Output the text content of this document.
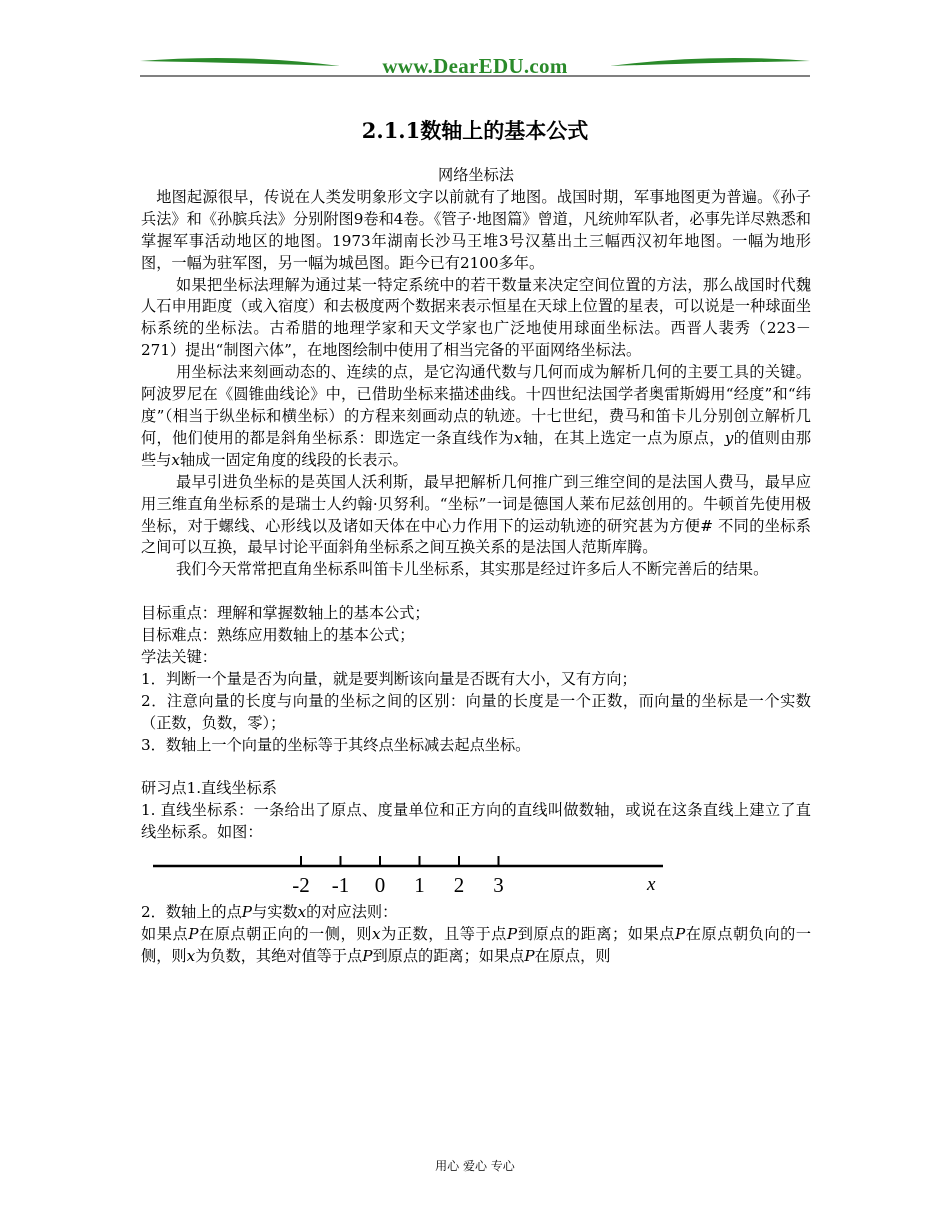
www.DearEDU.com
2.1.1数轴上的基本公式

网络坐标法

地图起源很早，传说在人类发明象形文字以前就有了地图。战国时期，军事地图更为普遍。《孙子兵法》和《孙膑兵法》分别附图9卷和4卷。《管子·地图篇》曾道，凡统帅军队者，必事先详尽熟悉和掌握军事活动地区的地图。1973年湖南长沙马王堆3号汉墓出土三幅西汉初年地图。一幅为地形图，一幅为驻军图，另一幅为城邑图。距今已有2100多年。

如果把坐标法理解为通过某一特定系统中的若干数量来决定空间位置的方法，那么战国时代魏人石申用距度（或入宿度）和去极度两个数据来表示恒星在天球上位置的星表，可以说是一种球面坐标系统的坐标法。古希腊的地理学家和天文学家也广泛地使用球面坐标法。西晋人裴秀（223－271）提出“制图六体”，在地图绘制中使用了相当完备的平面网络坐标法。

用坐标法来刻画动态的、连续的点，是它沟通代数与几何而成为解析几何的主要工具的关键。阿波罗尼在《圆锥曲线论》中，已借助坐标来描述曲线。十四世纪法国学者奥雷斯姆用“经度”和“纬度”（相当于纵坐标和横坐标）的方程来刻画动点的轨迹。十七世纪，费马和笛卡儿分别创立解析几何，他们使用的都是斜角坐标系：即选定一条直线作为x轴，在其上选定一点为原点，y的值则由那些与x轴成一固定角度的线段的长表示。

最早引进负坐标的是英国人沃利斯，最早把解析几何推广到三维空间的是法国人费马，最早应用三维直角坐标系的是瑞士人约翰·贝努利。“坐标”一词是德国人莱布尼兹创用的。牛顿首先使用极坐标，对于螺线、心形线以及诸如天体在中心力作用下的运动轨迹的研究甚为方便# 不同的坐标系之间可以互换，最早讨论平面斜角坐标系之间互换关系的是法国人范斯库腾。

我们今天常常把直角坐标系叫笛卡儿坐标系，其实那是经过许多后人不断完善后的结果。

目标重点：理解和掌握数轴上的基本公式；

目标难点：熟练应用数轴上的基本公式；

学法关键：

1．判断一个量是否为向量，就是要判断该向量是否既有大小，又有方向；

2．注意向量的长度与向量的坐标之间的区别：向量的长度是一个正数，而向量的坐标是一个实数（正数，负数，零）；

3．数轴上一个向量的坐标等于其终点坐标减去起点坐标。

研习点1.直线坐标系

1. 直线坐标系：一条给出了原点、度量单位和正方向的直线叫做数轴，或说在这条直线上建立了直线坐标系。如图：

-2 -1 0 1 2 3	x

2．数轴上的点P与实数x的对应法则：

如果点P在原点朝正向的一侧，则x为正数，且等于点P到原点的距离；如果点P在原点朝负向的一侧，则x为负数，其绝对值等于点P到原点的距离；如果点P在原点，则

用心 爱心 专心
